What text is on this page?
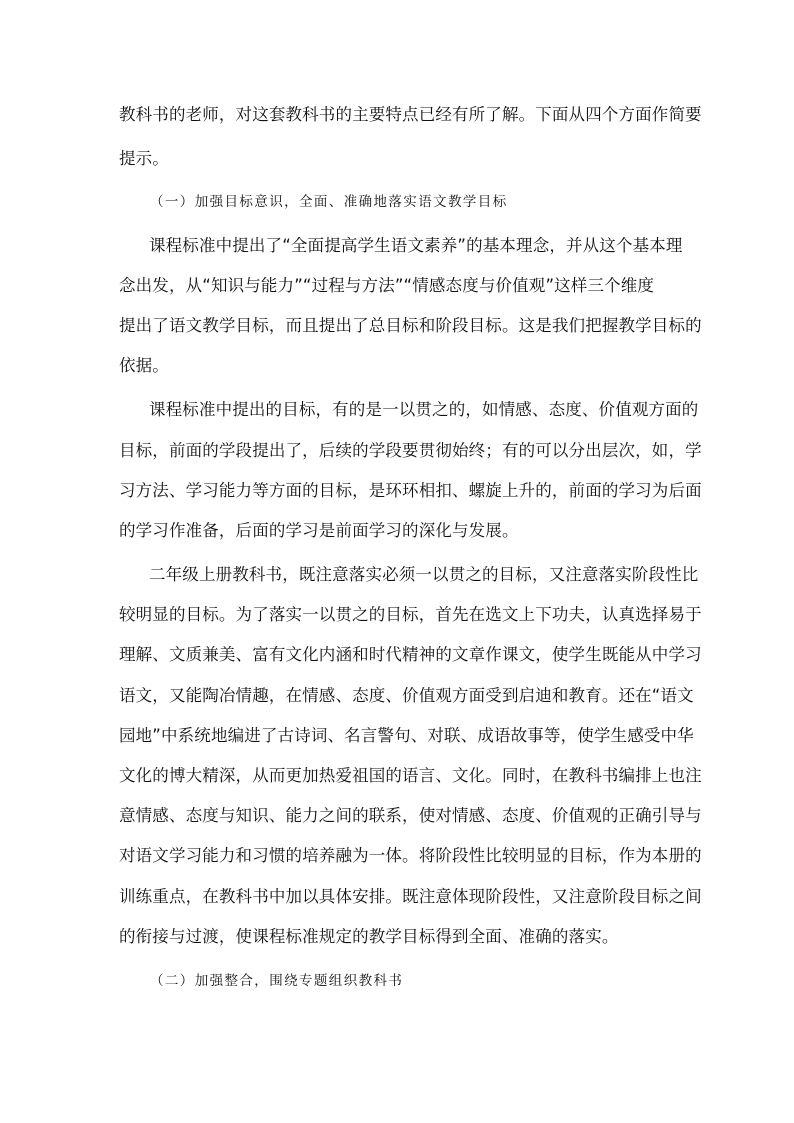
教科书的老师，对这套教科书的主要特点已经有所了解。下面从四个方面作简要

提示。

（一）加强目标意识，全面、准确地落实语文教学目标

课程标准中提出了“全面提高学生语文素养”的基本理念，并从这个基本理

念出发，从“知识与能力”“过程与方法”“情感态度与价值观”这样三个维度

提出了语文教学目标，而且提出了总目标和阶段目标。这是我们把握教学目标的

依据。

课程标准中提出的目标，有的是一以贯之的，如情感、态度、价值观方面的

目标，前面的学段提出了，后续的学段要贯彻始终；有的可以分出层次，如，学

习方法、学习能力等方面的目标，是环环相扣、螺旋上升的，前面的学习为后面

的学习作准备，后面的学习是前面学习的深化与发展。

二年级上册教科书，既注意落实必须一以贯之的目标，又注意落实阶段性比

较明显的目标。为了落实一以贯之的目标，首先在选文上下功夫，认真选择易于

理解、文质兼美、富有文化内涵和时代精神的文章作课文，使学生既能从中学习

语文，又能陶冶情趣，在情感、态度、价值观方面受到启迪和教育。还在“语文

园地”中系统地编进了古诗词、名言警句、对联、成语故事等，使学生感受中华

文化的博大精深，从而更加热爱祖国的语言、文化。同时，在教科书编排上也注

意情感、态度与知识、能力之间的联系，使对情感、态度、价值观的正确引导与

对语文学习能力和习惯的培养融为一体。将阶段性比较明显的目标，作为本册的

训练重点，在教科书中加以具体安排。既注意体现阶段性，又注意阶段目标之间

的衔接与过渡，使课程标准规定的教学目标得到全面、准确的落实。

（二）加强整合，围绕专题组织教科书
